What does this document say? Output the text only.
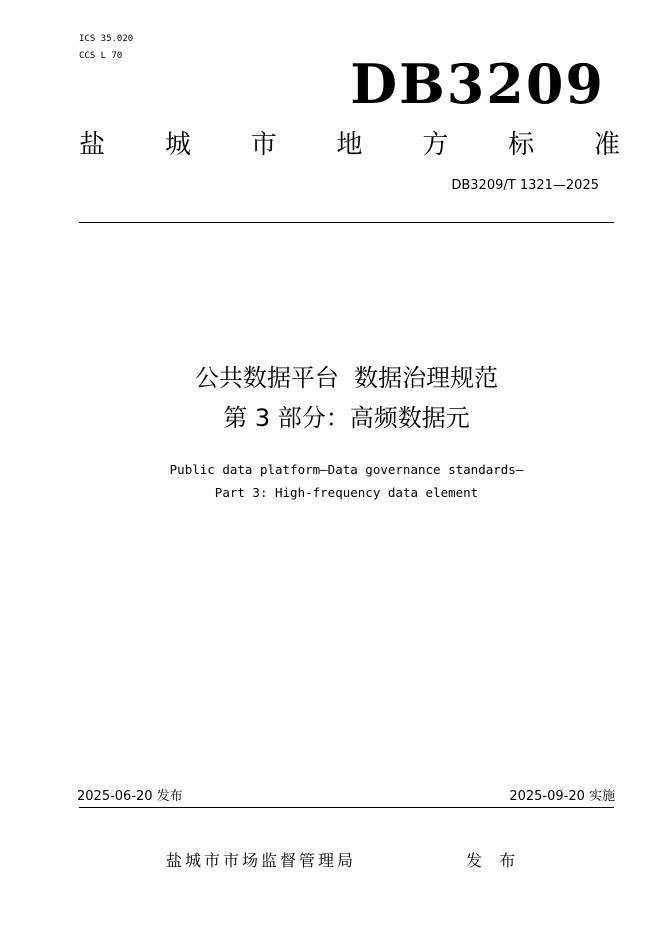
ICS 35.020
CCS L 70	DB3209
盐 城 市 地 方 标 准
DB3209/T 1321—2025
公共数据平台  数据治理规范
第 3 部分：高频数据元
Public data platform—Data governance standards—
Part 3: High-frequency data element
2025-06-20 发布	2025-09-20 实施
盐城市市场监督管理局	发 布
